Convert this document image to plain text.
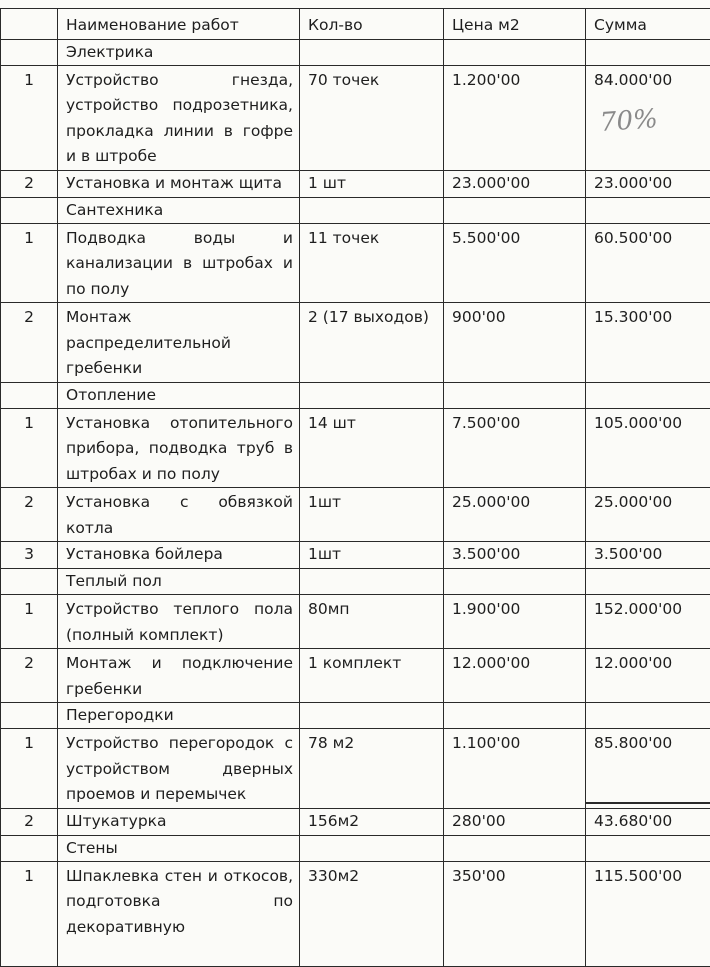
	Наименование работ	Кол-во	Цена м2	Сумма
	Электрика			
1	Устройство гнезда, устройство подрозетника, прокладка линии в гофре и в штробе	70 точек	1.200'00	84.000'00
2	Установка и монтаж щита	1 шт	23.000'00	23.000'00
	Сантехника			
1	Подводка воды и канализации в штробах и по полу	11 точек	5.500'00	60.500'00
2	Монтаж распределительной гребенки	2 (17 выходов)	900'00	15.300'00
	Отопление			
1	Установка отопительного прибора, подводка труб в штробах и по полу	14 шт	7.500'00	105.000'00
2	Установка с обвязкой котла	1шт	25.000'00	25.000'00
3	Установка бойлера	1шт	3.500'00	3.500'00
	Теплый пол			
1	Устройство теплого пола (полный комплект)	80мп	1.900'00	152.000'00
2	Монтаж и подключение гребенки	1 комплект	12.000'00	12.000'00
	Перегородки			
1	Устройство перегородок с устройством дверных проемов и перемычек	78 м2	1.100'00	85.800'00
2	Штукатурка	156м2	280'00	43.680'00
	Стены			
1	Шпаклевка стен и откосов, подготовка по декоративную	330м2	350'00	115.500'00
70%
